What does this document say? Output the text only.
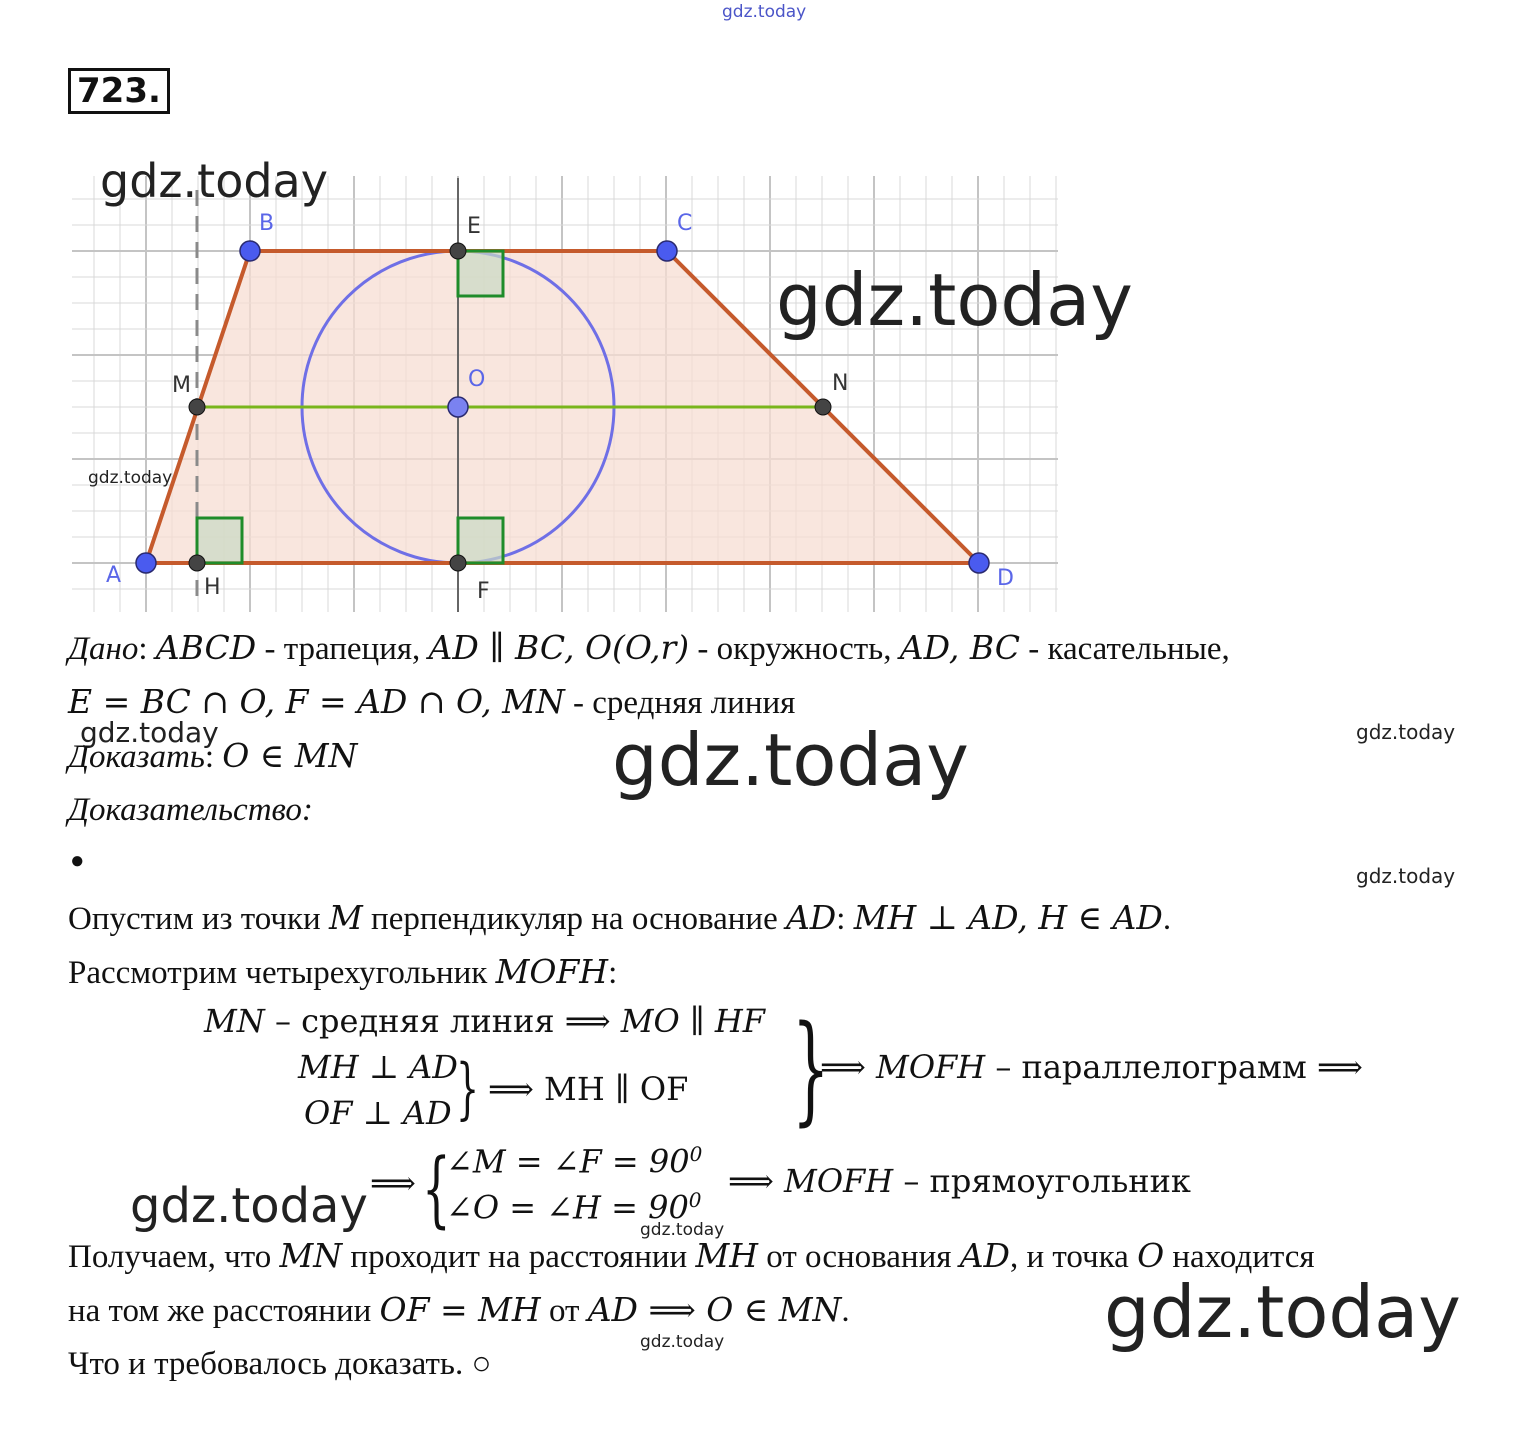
723.
B	C
A	D
O
E
F
M	N
H
gdz.today
gdz.today
gdz.today
gdz.today
gdz.today	gdz.today	gdz.today
gdz.today
gdz.today	gdz.today
gdz.today
gdz.today
Дано: ABCD - трапеция, AD ∥ BC, O(O,r) - окружность, AD, BC - касательные,
E = BC ∩ O, F = AD ∩ O, MN - средняя линия
Доказать: O ∈ MN
Доказательство:
●
Опустим из точки M перпендикуляр на основание AD: MH ⊥ AD, H ∈ AD.
Рассмотрим четырехугольник MOFH:
MN – средняя линия ⟹ MO ∥ HF
MH ⊥ AD
OF ⊥ AD } ⟹ MH ∥ OF }
⟹ MOFH – параллелограмм ⟹
⟹ {
∠M = ∠F = $90^0$
∠O = ∠H = $90^0$ ⟹ MOFH – прямоугольник
Получаем, что MN проходит на расстоянии MH от основания AD, и точка O находится
на том же расстоянии OF = MH от AD ⟹ O ∈ MN.
Что и требовалось доказать. ○
